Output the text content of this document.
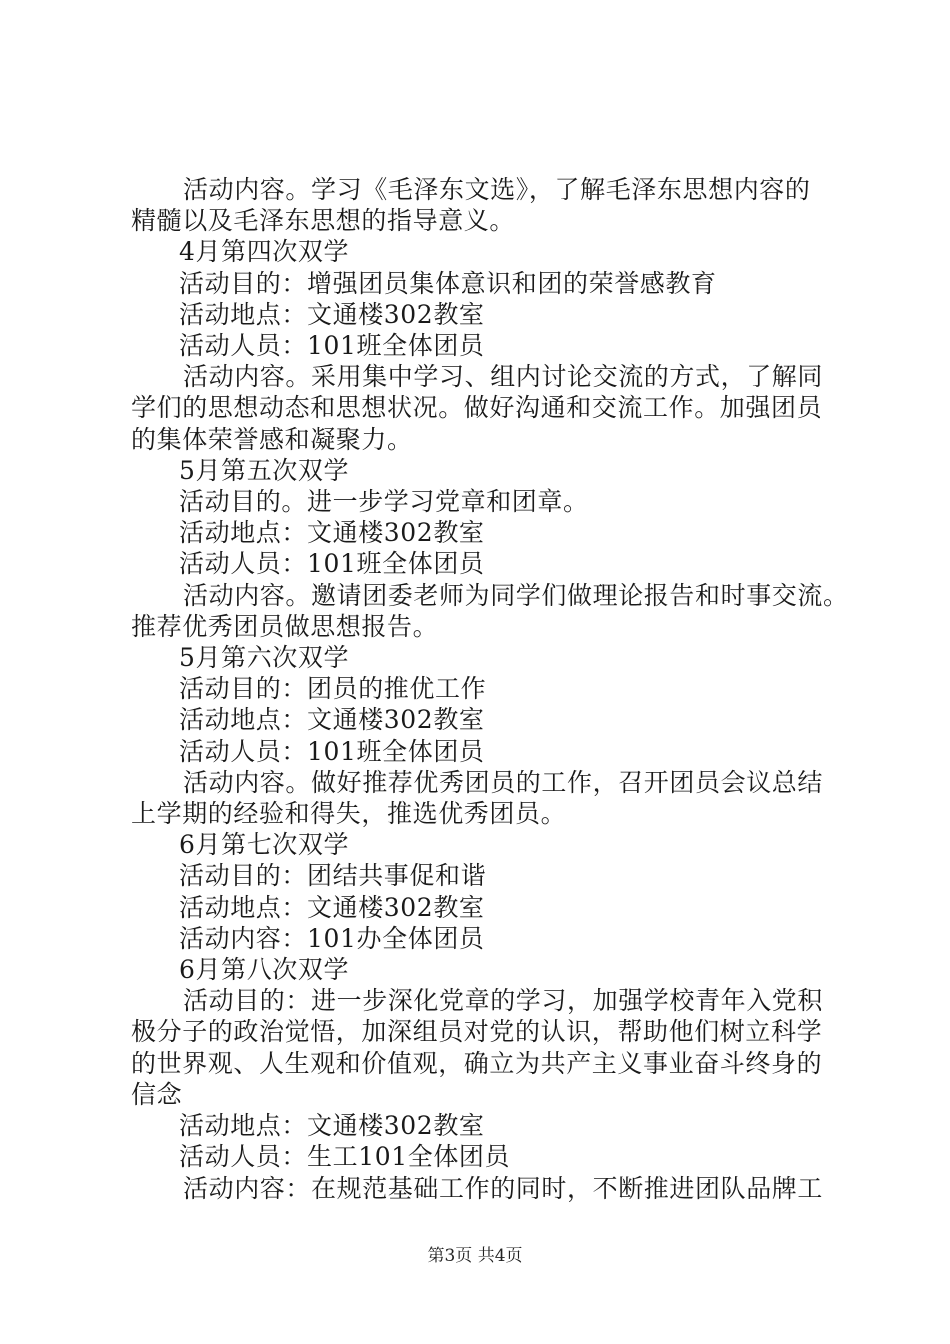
活动内容。学习《毛泽东文选》，了解毛泽东思想内容的

精髓以及毛泽东思想的指导意义。

4月第四次双学

活动目的：增强团员集体意识和团的荣誉感教育

活动地点：文通楼302教室

活动人员：101班全体团员

活动内容。采用集中学习、组内讨论交流的方式，了解同

学们的思想动态和思想状况。做好沟通和交流工作。加强团员

的集体荣誉感和凝聚力。

5月第五次双学

活动目的。进一步学习党章和团章。

活动地点：文通楼302教室

活动人员：101班全体团员

活动内容。邀请团委老师为同学们做理论报告和时事交流。

推荐优秀团员做思想报告。

5月第六次双学

活动目的：团员的推优工作

活动地点：文通楼302教室

活动人员：101班全体团员

活动内容。做好推荐优秀团员的工作，召开团员会议总结

上学期的经验和得失，推选优秀团员。

6月第七次双学

活动目的：团结共事促和谐

活动地点：文通楼302教室

活动内容：101办全体团员

6月第八次双学

活动目的：进一步深化党章的学习，加强学校青年入党积

极分子的政治觉悟，加深组员对党的认识，帮助他们树立科学

的世界观、人生观和价值观，确立为共产主义事业奋斗终身的

信念

活动地点：文通楼302教室

活动人员：生工101全体团员

活动内容：在规范基础工作的同时，不断推进团队品牌工

第3页 共4页
